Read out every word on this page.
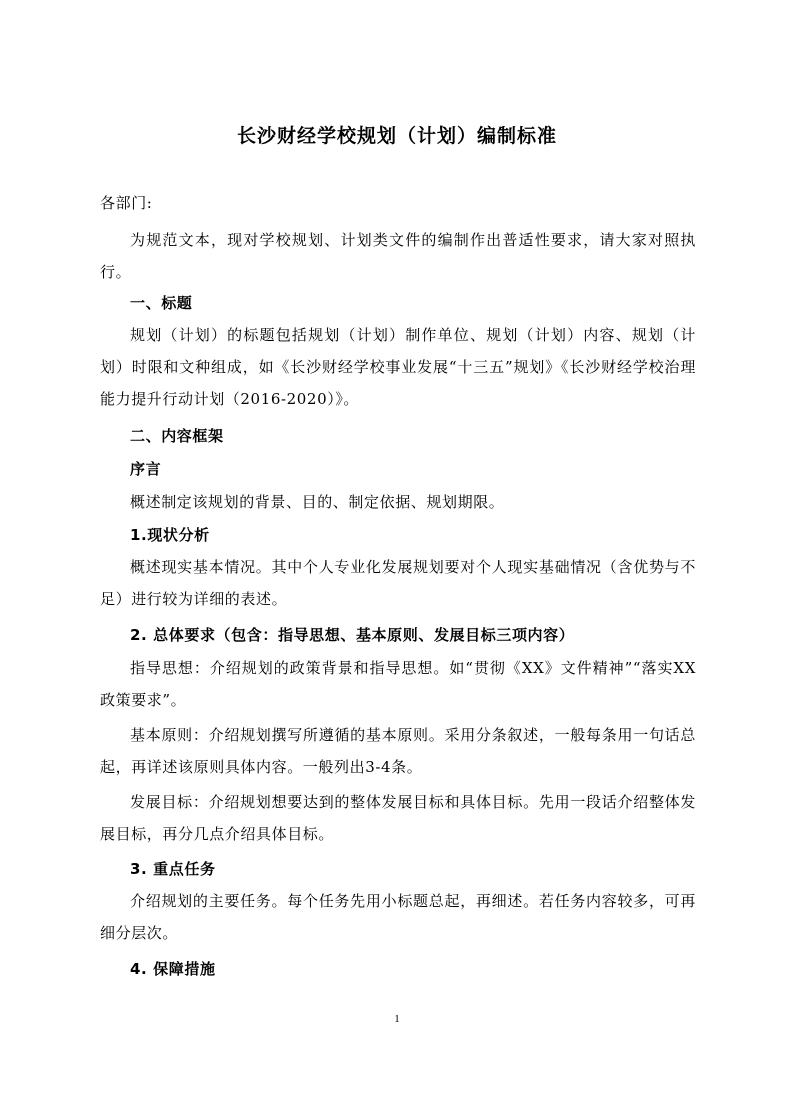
长沙财经学校规划（计划）编制标准
各部门:
为规范文本，现对学校规划、计划类文件的编制作出普适性要求，请大家对照执行。
一、标题
规划（计划）的标题包括规划（计划）制作单位、规划（计划）内容、规划（计划）时限和文种组成，如《长沙财经学校事业发展“十三五”规划》《长沙财经学校治理能力提升行动计划（2016-2020）》。
二、内容框架
序言
概述制定该规划的背景、目的、制定依据、规划期限。
1.现状分析
概述现实基本情况。其中个人专业化发展规划要对个人现实基础情况（含优势与不足）进行较为详细的表述。
2. 总体要求（包含：指导思想、基本原则、发展目标三项内容）
指导思想：介绍规划的政策背景和指导思想。如“贯彻《XX》文件精神”“落实XX政策要求”。
基本原则：介绍规划撰写所遵循的基本原则。采用分条叙述，一般每条用一句话总起，再详述该原则具体内容。一般列出3-4条。
发展目标：介绍规划想要达到的整体发展目标和具体目标。先用一段话介绍整体发展目标，再分几点介绍具体目标。
3. 重点任务
介绍规划的主要任务。每个任务先用小标题总起，再细述。若任务内容较多，可再细分层次。
4. 保障措施
1
